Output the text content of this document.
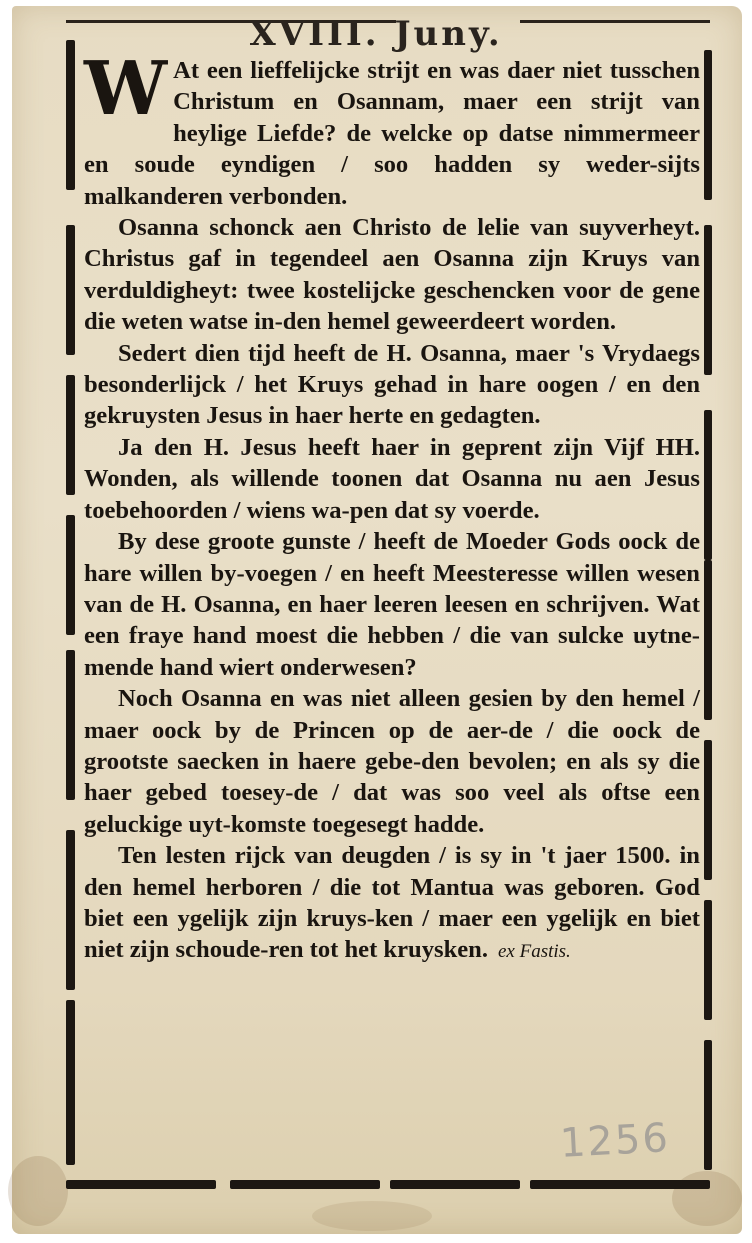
XVIII. Juny.

W At een lieffelijcke strijt en was daer niet tusschen Christum en Osannam, maer een strijt van heylige Liefde? de welcke op datse nimmermeer en soude eyndigen / soo hadden sy weder-sijts malkanderen verbonden.

Osanna schonck aen Christo de lelie van suyverheyt. Christus gaf in tegendeel aen Osanna zijn Kruys van verduldigheyt: twee kostelijcke geschencken voor de gene die weten watse in-den hemel geweerdeert worden.

Sedert dien tijd heeft de H. Osanna, maer 's Vrydaegs besonderlijck / het Kruys gehad in hare oogen / en den gekruysten Jesus in haer herte en gedagten.

Ja den H. Jesus heeft haer in geprent zijn Vijf HH. Wonden, als willende toonen dat Osanna nu aen Jesus toebehoorden / wiens wa-pen dat sy voerde.

By dese groote gunste / heeft de Moeder Gods oock de hare willen by-voegen / en heeft Meesteresse willen wesen van de H. Osanna, en haer leeren leesen en schrijven. Wat een fraye hand moest die hebben / die van sulcke uytne-mende hand wiert onderwesen?

Noch Osanna en was niet alleen gesien by den hemel / maer oock by de Princen op de aer-de / die oock de grootste saecken in haere gebe-den bevolen; en als sy die haer gebed toesey-de / dat was soo veel als oftse een geluckige uyt-komste toegesegt hadde.

Ten lesten rijck van deugden / is sy in 't jaer 1500. in den hemel herboren / die tot Mantua was geboren. God biet een ygelijk zijn kruys-ken / maer een ygelijk en biet niet zijn schoude-ren tot het kruysken. ex Fastis.

1256
